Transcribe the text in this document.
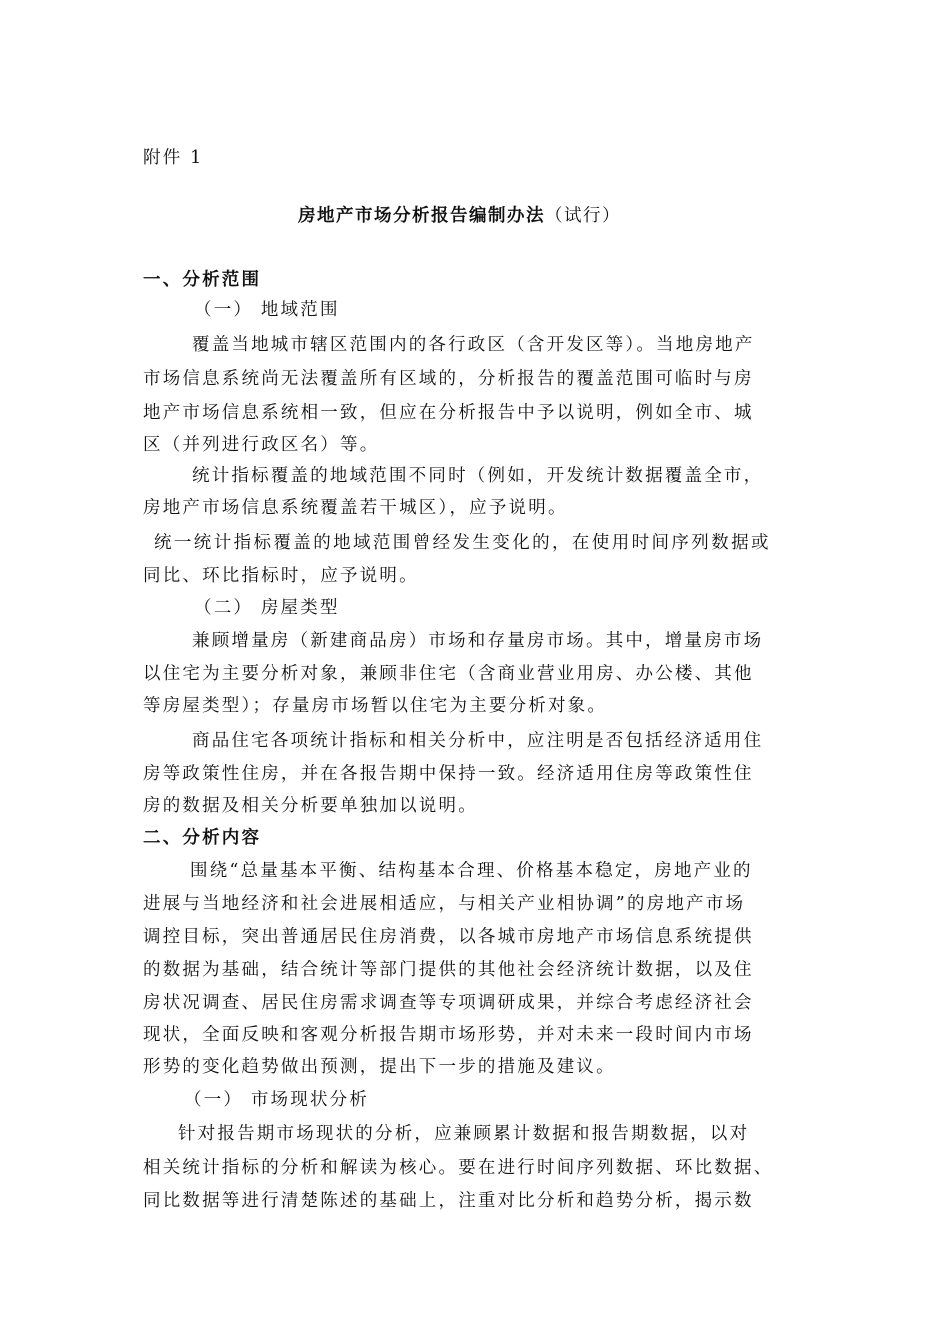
附件 1
房地产市场分析报告编制办法（试行）
一、分析范围
（一） 地域范围
覆盖当地城市辖区范围内的各行政区（含开发区等）。当地房地产
市场信息系统尚无法覆盖所有区域的，分析报告的覆盖范围可临时与房
地产市场信息系统相一致，但应在分析报告中予以说明，例如全市、城
区（并列进行政区名）等。
统计指标覆盖的地域范围不同时（例如，开发统计数据覆盖全市，
房地产市场信息系统覆盖若干城区），应予说明。
统一统计指标覆盖的地域范围曾经发生变化的，在使用时间序列数据或
同比、环比指标时，应予说明。
（二） 房屋类型
兼顾增量房（新建商品房）市场和存量房市场。其中，增量房市场
以住宅为主要分析对象，兼顾非住宅（含商业营业用房、办公楼、其他
等房屋类型）；存量房市场暂以住宅为主要分析对象。
商品住宅各项统计指标和相关分析中，应注明是否包括经济适用住
房等政策性住房，并在各报告期中保持一致。经济适用住房等政策性住
房的数据及相关分析要单独加以说明。
二、分析内容
围绕“总量基本平衡、结构基本合理、价格基本稳定，房地产业的
进展与当地经济和社会进展相适应，与相关产业相协调”的房地产市场
调控目标，突出普通居民住房消费，以各城市房地产市场信息系统提供
的数据为基础，结合统计等部门提供的其他社会经济统计数据，以及住
房状况调查、居民住房需求调查等专项调研成果，并综合考虑经济社会
现状，全面反映和客观分析报告期市场形势，并对未来一段时间内市场
形势的变化趋势做出预测，提出下一步的措施及建议。
（一） 市场现状分析
针对报告期市场现状的分析，应兼顾累计数据和报告期数据，以对
相关统计指标的分析和解读为核心。要在进行时间序列数据、环比数据、
同比数据等进行清楚陈述的基础上，注重对比分析和趋势分析，揭示数
